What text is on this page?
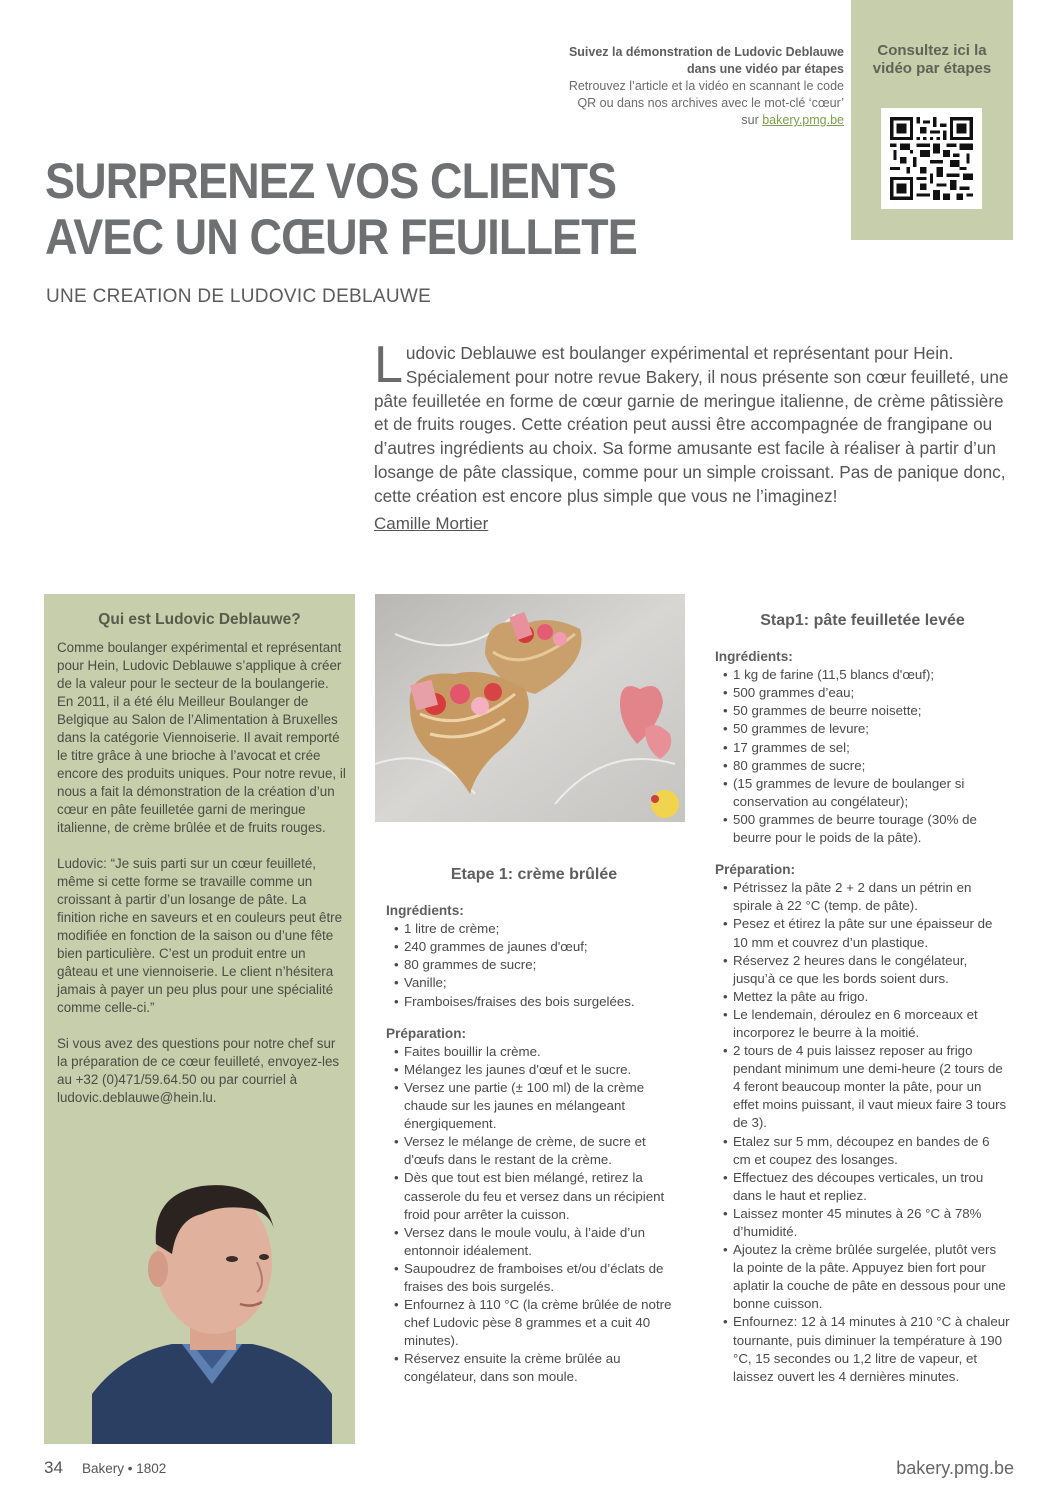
Suivez la démonstration de Ludovic Deblauwe
dans une vidéo par étapes
Retrouvez l’article et la vidéo en scannant le code
QR ou dans nos archives avec le mot-clé ‘cœur’
sur bakery.pmg.be
Consultez ici la
vidéo par étapes
SURPRENEZ VOS CLIENTS
AVEC UN CŒUR FEUILLETE
UNE CREATION DE LUDOVIC DEBLAUWE
Ludovic Deblauwe est boulanger expérimental et représentant pour Hein. Spécialement pour notre revue Bakery, il nous présente son cœur feuilleté, une pâte feuilletée en forme de cœur garnie de meringue italienne, de crème pâtissière et de fruits rouges. Cette création peut aussi être accompagnée de frangipane ou d’autres ingrédients au choix. Sa forme amusante est facile à réaliser à partir d’un losange de pâte classique, comme pour un simple croissant. Pas de panique donc, cette création est encore plus simple que vous ne l’imaginez!
Camille Mortier
Qui est Ludovic Deblauwe?

Comme boulanger expérimental et représentant pour Hein, Ludovic Deblauwe s’applique à créer de la valeur pour le secteur de la boulangerie. En 2011, il a été élu Meilleur Boulanger de Belgique au Salon de l’Alimentation à Bruxelles dans la catégorie Viennoiserie. Il avait remporté le titre grâce à une brioche à l’avocat et crée encore des produits uniques. Pour notre revue, il nous a fait la démonstration de la création d’un cœur en pâte feuilletée garni de meringue italienne, de crème brûlée et de fruits rouges.

Ludovic: “Je suis parti sur un cœur feuilleté, même si cette forme se travaille comme un croissant à partir d’un losange de pâte. La finition riche en saveurs et en couleurs peut être modifiée en fonction de la saison ou d’une fête bien particulière. C’est un produit entre un gâteau et une viennoiserie. Le client n’hésitera jamais à payer un peu plus pour une spécialité comme celle-ci.”

Si vous avez des questions pour notre chef sur la préparation de ce cœur feuilleté, envoyez-les au +32 (0)471/59.64.50 ou par courriel à ludovic.deblauwe@hein.lu.

Etape 1: crème brûlée
Ingrédients:
• 1 litre de crème;
• 240 grammes de jaunes d'œuf;
• 80 grammes de sucre;
• Vanille;
• Framboises/fraises des bois surgelées.
Préparation:
• Faites bouillir la crème.
• Mélangez les jaunes d'œuf et le sucre.
• Versez une partie (± 100 ml) de la crème chaude sur les jaunes en mélangeant énergiquement.
• Versez le mélange de crème, de sucre et d'œufs dans le restant de la crème.
• Dès que tout est bien mélangé, retirez la casserole du feu et versez dans un récipient froid pour arrêter la cuisson.
• Versez dans le moule voulu, à l’aide d’un entonnoir idéalement.
• Saupoudrez de framboises et/ou d’éclats de fraises des bois surgelés.
• Enfournez à 110 °C (la crème brûlée de notre chef Ludovic pèse 8 grammes et a cuit 40 minutes).
• Réservez ensuite la crème brûlée au congélateur, dans son moule.
Stap1: pâte feuilletée levée
Ingrédients:
• 1 kg de farine (11,5 blancs d'œuf);
• 500 grammes d’eau;
• 50 grammes de beurre noisette;
• 50 grammes de levure;
• 17 grammes de sel;
• 80 grammes de sucre;
• (15 grammes de levure de boulanger si conservation au congélateur);
• 500 grammes de beurre tourage (30% de beurre pour le poids de la pâte).
Préparation:
• Pétrissez la pâte 2 + 2 dans un pétrin en spirale à 22 °C (temp. de pâte).
• Pesez et étirez la pâte sur une épaisseur de 10 mm et couvrez d’un plastique.
• Réservez 2 heures dans le congélateur, jusqu’à ce que les bords soient durs.
• Mettez la pâte au frigo.
• Le lendemain, déroulez en 6 morceaux et incorporez le beurre à la moitié.
• 2 tours de 4 puis laissez reposer au frigo pendant minimum une demi-heure (2 tours de 4 feront beaucoup monter la pâte, pour un effet moins puissant, il vaut mieux faire 3 tours de 3).
• Etalez sur 5 mm, découpez en bandes de 6 cm et coupez des losanges.
• Effectuez des découpes verticales, un trou dans le haut et repliez.
• Laissez monter 45 minutes à 26 °C à 78% d’humidité.
• Ajoutez la crème brûlée surgelée, plutôt vers la pointe de la pâte. Appuyez bien fort pour aplatir la couche de pâte en dessous pour une bonne cuisson.
• Enfournez: 12 à 14 minutes à 210 °C à chaleur tournante, puis diminuer la température à 190 °C, 15 secondes ou 1,2 litre de vapeur, et laissez ouvert les 4 dernières minutes.
34 Bakery • 1802	bakery.pmg.be
